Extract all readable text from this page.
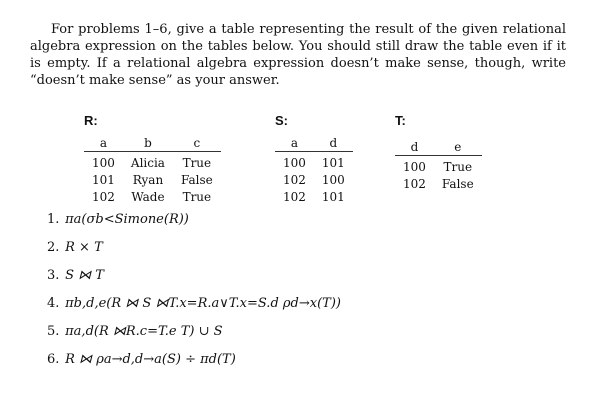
For problems 1–6, give a table representing the result of the given relational algebra expression on the tables below. You should still draw the table even if it is empty. If a relational algebra expression doesn’t make sense, though, write “doesn’t make sense” as your answer.

R:
a	b	c
100	Alicia	True
101	Ryan	False
102	Wade	True
S:
a	d
100	101
102	100
102	101
T:
d	e
100	True
102	False
1. πa(σb<Simone(R))
2. R × T
3. S ⋈ T
4. πb,d,e(R ⋈ S ⋈T.x=R.a∨T.x=S.d ρd→x(T))
5. πa,d(R ⋈R.c=T.e T) ∪ S
6. R ⋈ ρa→d,d→a(S) ÷ πd(T)
